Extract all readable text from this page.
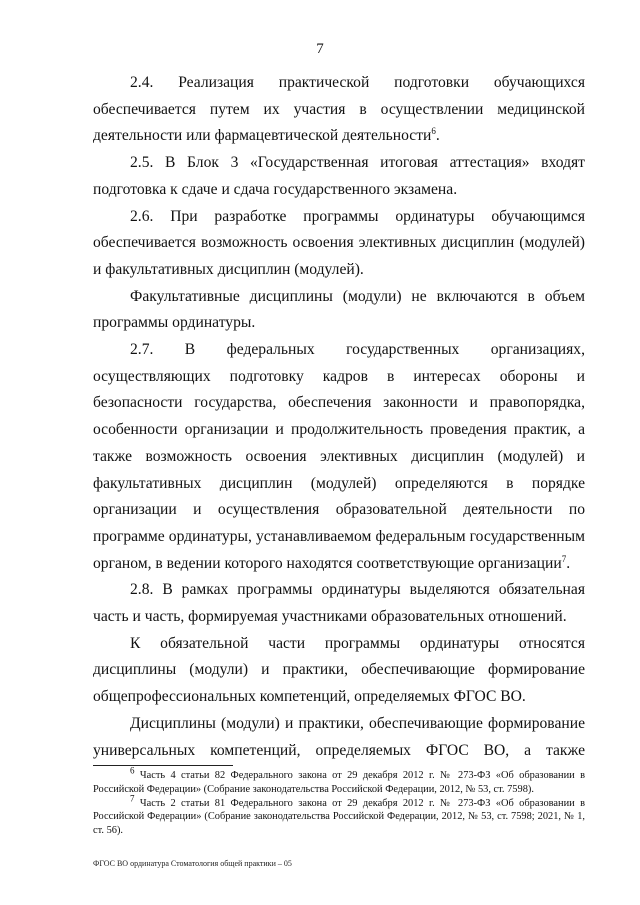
7

2.4. Реализация практической подготовки обучающихся обеспечивается путем их участия в осуществлении медицинской деятельности или фармацевтической деятельности$^6$.

2.5. В Блок 3 «Государственная итоговая аттестация» входят подготовка к сдаче и сдача государственного экзамена.

2.6. При разработке программы ординатуры обучающимся обеспечивается возможность освоения элективных дисциплин (модулей) и факультативных дисциплин (модулей).

Факультативные дисциплины (модули) не включаются в объем программы ординатуры.

2.7. В федеральных государственных организациях, осуществляющих подготовку кадров в интересах обороны и безопасности государства, обеспечения законности и правопорядка, особенности организации и продолжительность проведения практик, а также возможность освоения элективных дисциплин (модулей) и факультативных дисциплин (модулей) определяются в порядке организации и осуществления образовательной деятельности по программе ординатуры, устанавливаемом федеральным государственным органом, в ведении которого находятся соответствующие организации$^7$.

2.8. В рамках программы ординатуры выделяются обязательная часть и часть, формируемая участниками образовательных отношений.

К обязательной части программы ординатуры относятся дисциплины (модули) и практики, обеспечивающие формирование общепрофессиональных компетенций, определяемых ФГОС ВО.

Дисциплины (модули) и практики, обеспечивающие формирование универсальных компетенций, определяемых ФГОС ВО, а также

$^6$ Часть 4 статьи 82 Федерального закона от 29 декабря 2012 г. № 273-ФЗ «Об образовании в Российской Федерации» (Собрание законодательства Российской Федерации, 2012, № 53, ст. 7598).

$^7$ Часть 2 статьи 81 Федерального закона от 29 декабря 2012 г. № 273-ФЗ «Об образовании в Российской Федерации» (Собрание законодательства Российской Федерации, 2012, № 53, ст. 7598; 2021, № 1, ст. 56).

ФГОС ВО ординатура Стоматология общей практики – 05
